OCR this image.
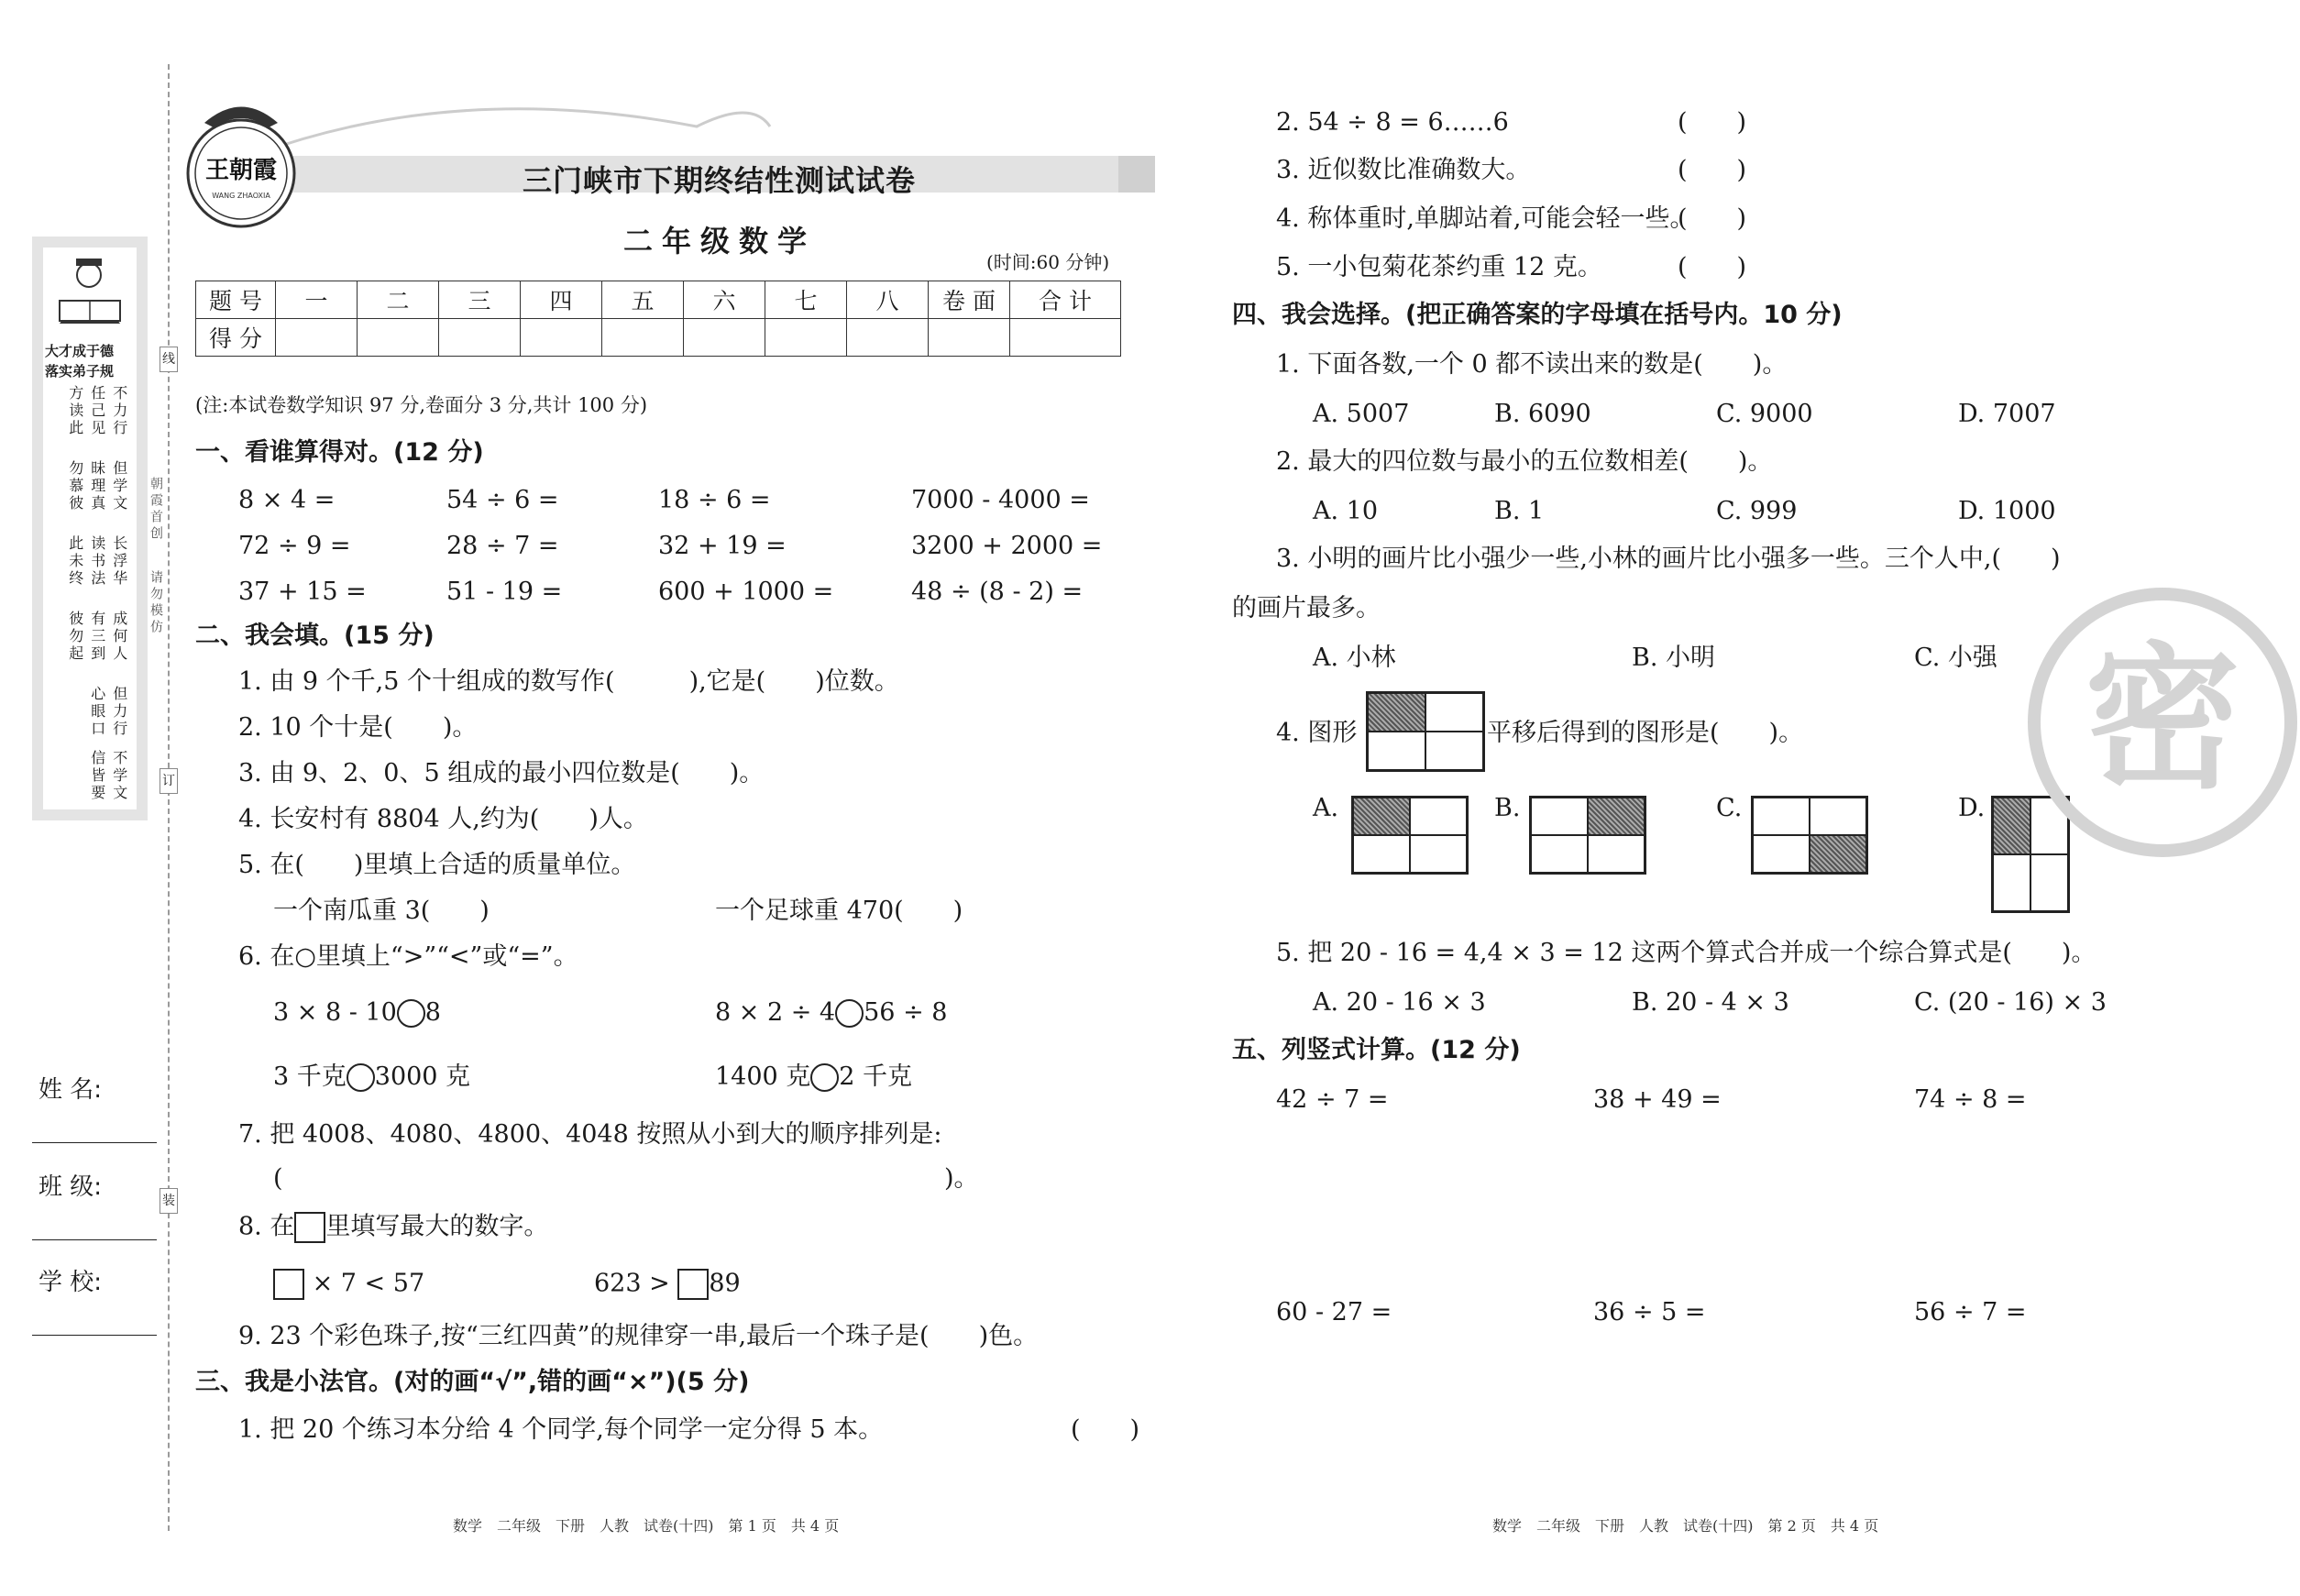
线
订
装
朝霞首创
请勿模仿
大才成于德
落实弟子规
不力行
任己见
方读此
但学文
昧理真
勿慕彼
长浮华
读书法
此未终
成何人
有三到
彼勿起
但力行
心眼口
不学文
信皆要
姓 名:
班 级:
学 校:
王朝霞
WANG ZHAOXIA	三门峡市下期终结性测试试卷
二年级数学
(时间:60 分钟)
题 号	一	二	三	四	五	六	七	八	卷 面	合 计
得 分										
(注:本试卷数学知识 97 分,卷面分 3 分,共计 100 分)
一、看谁算得对。(12 分)
8 × 4 =	54 ÷ 6 =	18 ÷ 6 =	7000 - 4000 =
72 ÷ 9 =	28 ÷ 7 =	32 + 19 =	3200 + 2000 =
37 + 15 =	51 - 19 =	600 + 1000 =	48 ÷ (8 - 2) =
二、我会填。(15 分)
1. 由 9 个千,5 个十组成的数写作(　　　),它是(　　)位数。
2. 10 个十是(　　)。
3. 由 9、2、0、5 组成的最小四位数是(　　)。
4. 长安村有 8804 人,约为(　　)人。
5. 在(　　)里填上合适的质量单位。
一个南瓜重 3(　　)	一个足球重 470(　　)
6. 在○里填上“>”“<”或“=”。
3 × 8 - 10 8	8 × 2 ÷ 4 56 ÷ 8
3 千克 3000 克	1400 克 2 千克
7. 把 4008、4080、4800、4048 按照从小到大的顺序排列是:
(	)。
8. 在 里填写最大的数字。
× 7 < 57	623 > 89
9. 23 个彩色珠子,按“三红四黄”的规律穿一串,最后一个珠子是(　　)色。
三、我是小法官。(对的画“√”,错的画“×”)(5 分)
1. 把 20 个练习本分给 4 个同学,每个同学一定分得 5 本。	(　　)
数学　二年级　下册　人教　试卷(十四)　第 1 页　共 4 页
2. 54 ÷ 8 = 6……6	(　　)
3. 近似数比准确数大。	(　　)
4. 称体重时,单脚站着,可能会轻一些。
(　　)
5. 一小包菊花茶约重 12 克。	(　　)
四、我会选择。(把正确答案的字母填在括号内。10 分)
1. 下面各数,一个 0 都不读出来的数是(　　)。
A. 5007	B. 6090	C. 9000	D. 7007
2. 最大的四位数与最小的五位数相差(　　)。
A. 10	B. 1	C. 999	D. 1000
3. 小明的画片比小强少一些,小林的画片比小强多一些。三个人中,(　　)
的画片最多。
A. 小林	B. 小明	C. 小强
4. 图形	平移后得到的图形是(　　)。
A.	B.	C.	D.
5. 把 20 - 16 = 4,4 × 3 = 12 这两个算式合并成一个综合算式是(　　)。
A. 20 - 16 × 3	B. 20 - 4 × 3	C. (20 - 16) × 3
五、列竖式计算。(12 分)
42 ÷ 7 =	38 + 49 =	74 ÷ 8 =
60 - 27 =	36 ÷ 5 =	56 ÷ 7 =
密
数学　二年级　下册　人教　试卷(十四)　第 2 页　共 4 页
